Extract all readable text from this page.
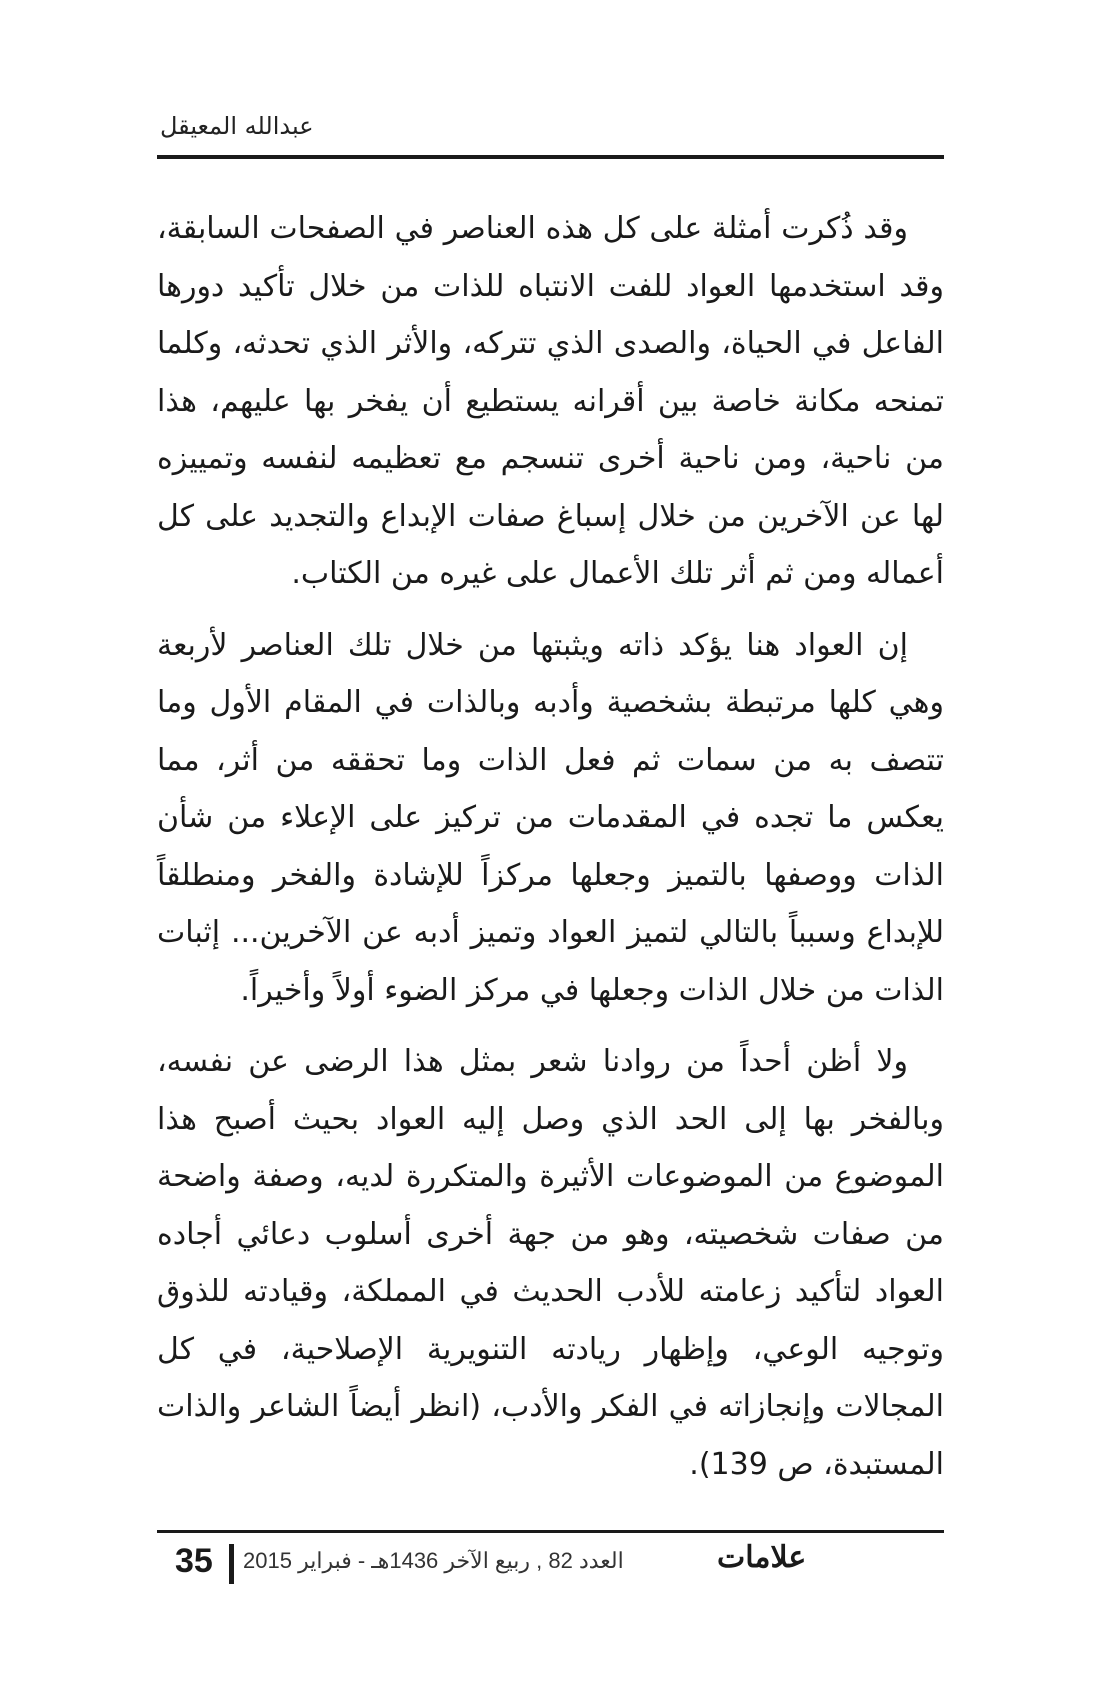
عبدالله المعيقل

وقد ذُكرت أمثلة على كل هذه العناصر في الصفحات السابقة، وقد استخدمها العواد للفت الانتباه للذات من خلال تأكيد دورها الفاعل في الحياة، والصدى الذي تتركه، والأثر الذي تحدثه، وكلما تمنحه مكانة خاصة بين أقرانه يستطيع أن يفخر بها عليهم، هذا من ناحية، ومن ناحية أخرى تنسجم مع تعظيمه لنفسه وتمييزه لها عن الآخرين من خلال إسباغ صفات الإبداع والتجديد على كل أعماله ومن ثم أثر تلك الأعمال على غيره من الكتاب.

إن العواد هنا يؤكد ذاته ويثبتها من خلال تلك العناصر لأربعة وهي كلها مرتبطة بشخصية وأدبه وبالذات في المقام الأول وما تتصف به من سمات ثم فعل الذات وما تحققه من أثر، مما يعكس ما تجده في المقدمات من تركيز على الإعلاء من شأن الذات ووصفها بالتميز وجعلها مركزاً للإشادة والفخر ومنطلقاً للإبداع وسبباً بالتالي لتميز العواد وتميز أدبه عن الآخرين... إثبات الذات من خلال الذات وجعلها في مركز الضوء أولاً وأخيراً.

ولا أظن أحداً من روادنا شعر بمثل هذا الرضى عن نفسه، وبالفخر بها إلى الحد الذي وصل إليه العواد بحيث أصبح هذا الموضوع من الموضوعات الأثيرة والمتكررة لديه، وصفة واضحة من صفات شخصيته، وهو من جهة أخرى أسلوب دعائي أجاده العواد لتأكيد زعامته للأدب الحديث في المملكة، وقيادته للذوق وتوجيه الوعي، وإظهار ريادته التنويرية الإصلاحية، في كل المجالات وإنجازاته في الفكر والأدب، (انظر أيضاً الشاعر والذات المستبدة، ص 139).

35 العدد 82 , ربيع الآخر 1436هـ - فبراير 2015	علامات
